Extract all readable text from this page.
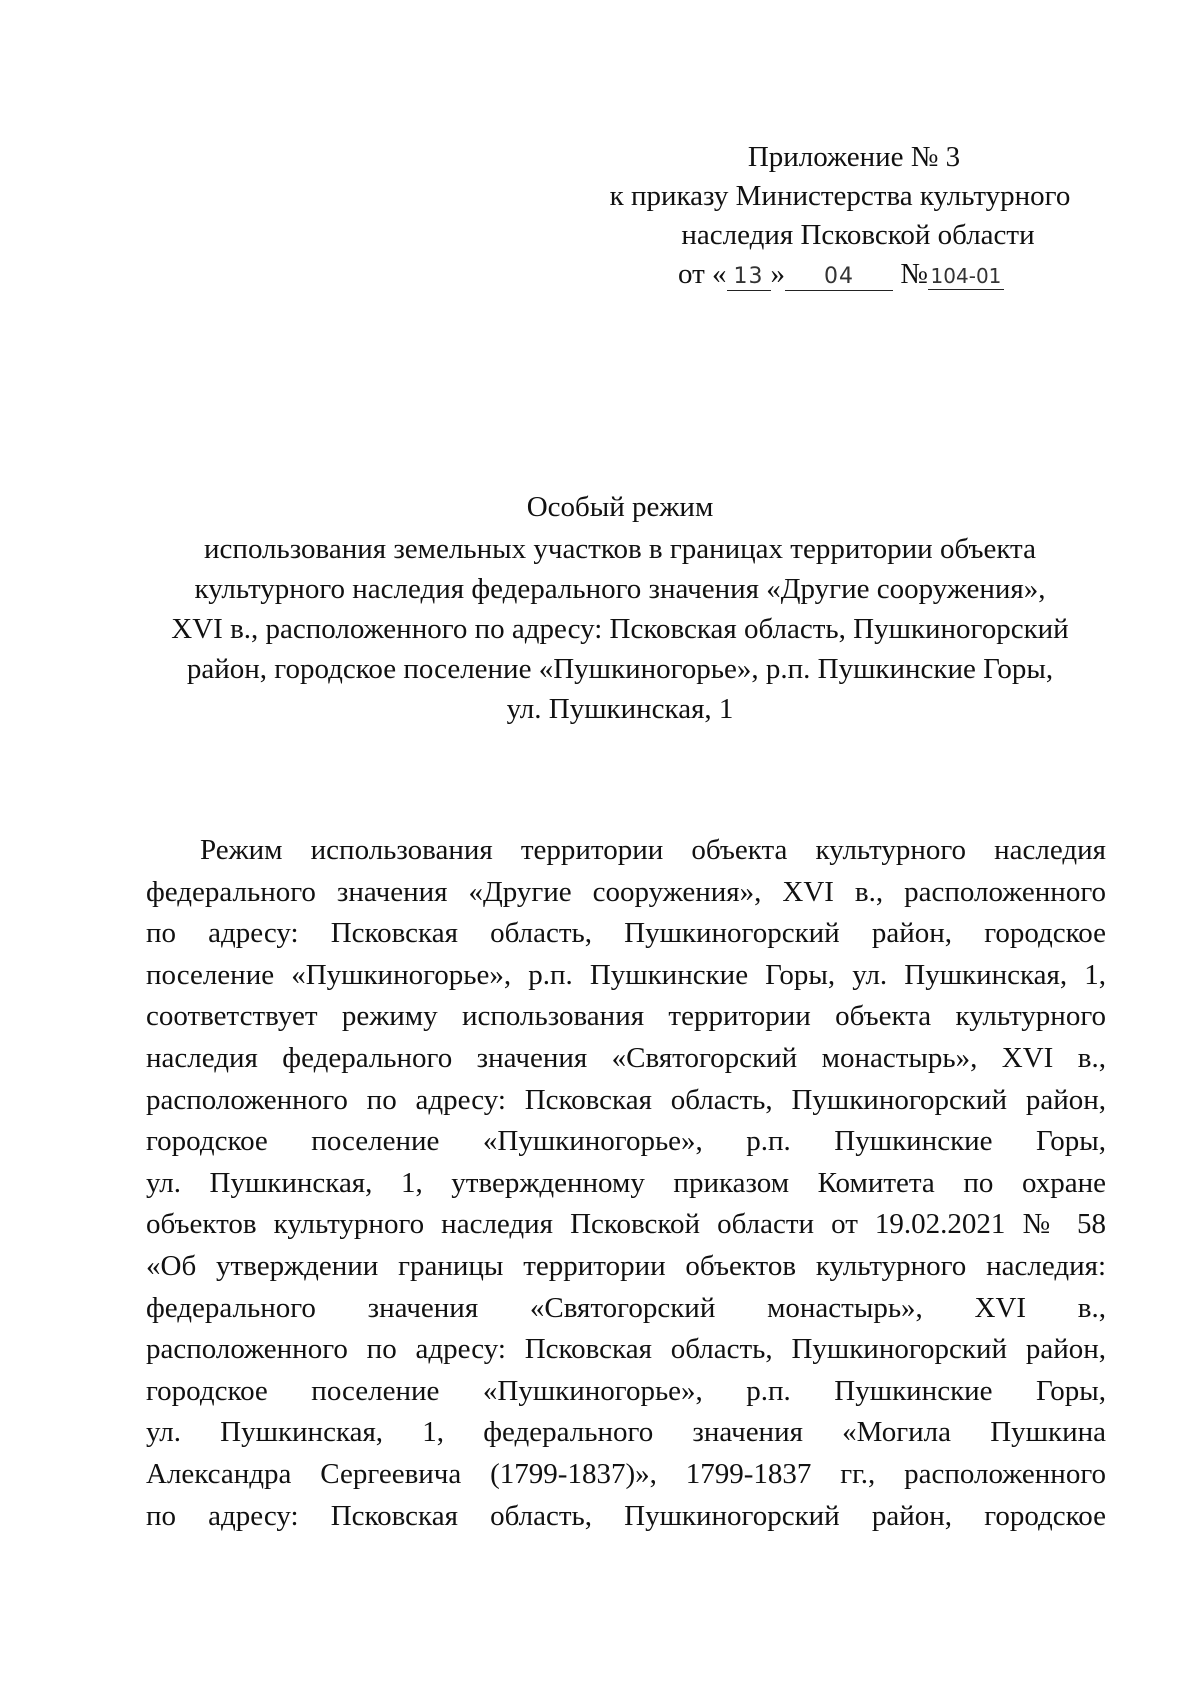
Приложение № 3
к приказу Министерства культурного
наследия Псковской области
от « 13 » 04 № 104-01
Особый режим
использования земельных участков в границах территории объекта
культурного наследия федерального значения «Другие сооружения»,
XVI в., расположенного по адресу: Псковская область, Пушкиногорский
район, городское поселение «Пушкиногорье», р.п. Пушкинские Горы,
ул. Пушкинская, 1
Режим использования территории объекта культурного наследия
федерального значения «Другие сооружения», XVI в., расположенного
по адресу: Псковская область, Пушкиногорский район, городское
поселение «Пушкиногорье», р.п. Пушкинские Горы, ул. Пушкинская, 1,
соответствует режиму использования территории объекта культурного
наследия федерального значения «Святогорский монастырь», XVI в.,
расположенного по адресу: Псковская область, Пушкиногорский район,
городское поселение «Пушкиногорье», р.п. Пушкинские Горы,
ул. Пушкинская, 1, утвержденному приказом Комитета по охране
объектов культурного наследия Псковской области от 19.02.2021 № 58
«Об утверждении границы территории объектов культурного наследия:
федерального значения «Святогорский монастырь», XVI в.,
расположенного по адресу: Псковская область, Пушкиногорский район,
городское поселение «Пушкиногорье», р.п. Пушкинские Горы,
ул. Пушкинская, 1, федерального значения «Могила Пушкина
Александра Сергеевича (1799-1837)», 1799-1837 гг., расположенного
по адресу: Псковская область, Пушкиногорский район, городское
